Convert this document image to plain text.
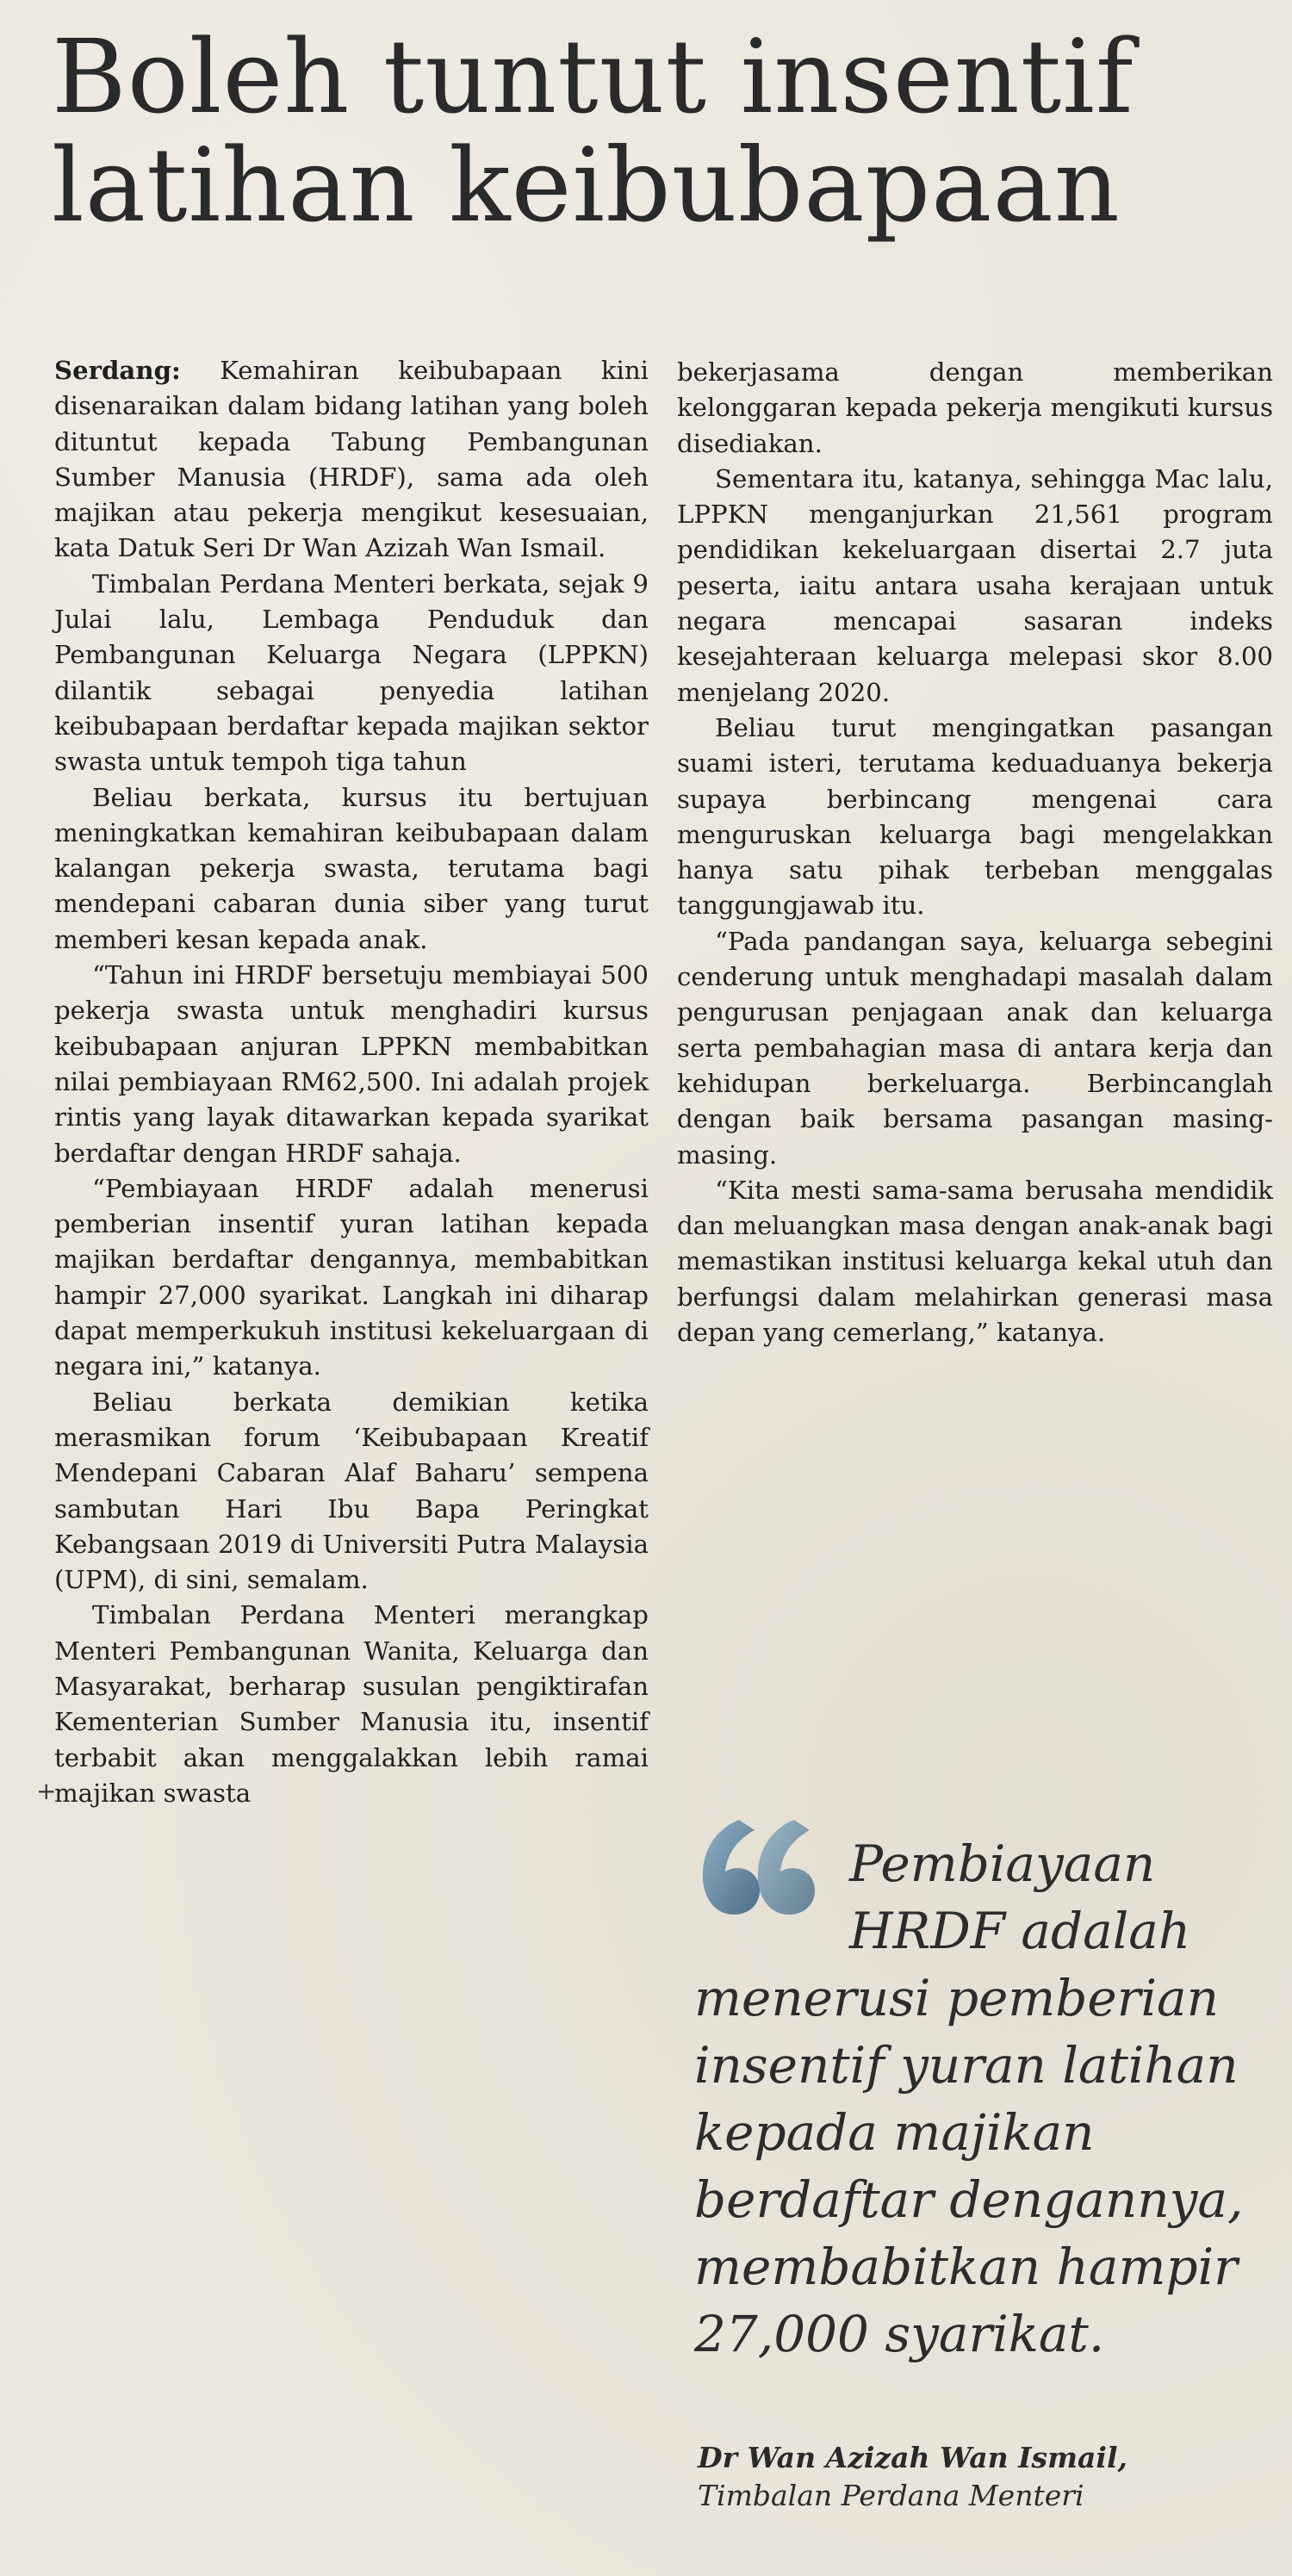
Boleh tuntut insentif
latihan keibubapaan

Serdang: Kemahiran keibubapaan kini disenaraikan dalam bidang latihan yang boleh dituntut kepada Tabung Pembangunan Sumber Manusia (HRDF), sama ada oleh majikan atau pekerja mengikut kesesuaian, kata Datuk Seri Dr Wan Azizah Wan Ismail.

Timbalan Perdana Menteri berkata, sejak 9 Julai lalu, Lembaga Penduduk dan Pembangunan Keluarga Negara (LPPKN) dilantik sebagai penyedia latihan keibubapaan berdaftar kepada majikan sektor swasta untuk tempoh tiga tahun

Beliau berkata, kursus itu bertujuan meningkatkan kemahiran keibubapaan dalam kalangan pekerja swasta, terutama bagi mendepani cabaran dunia siber yang turut memberi kesan kepada anak.

“Tahun ini HRDF bersetuju membiayai 500 pekerja swasta untuk menghadiri kursus keibubapaan anjuran LPPKN membabitkan nilai pembiayaan RM62,500. Ini adalah projek rintis yang layak ditawarkan kepada syarikat berdaftar dengan HRDF sahaja.

“Pembiayaan HRDF adalah menerusi pemberian insentif yuran latihan kepada majikan berdaftar dengannya, membabitkan hampir 27,000 syarikat. Langkah ini diharap dapat memperkukuh institusi kekeluargaan di negara ini,” katanya.

Beliau berkata demikian ketika merasmikan forum ‘Keibubapaan Kreatif Mendepani Cabaran Alaf Baharu’ sempena sambutan Hari Ibu Bapa Peringkat Kebangsaan 2019 di Universiti Putra Malaysia (UPM), di sini, semalam.

Timbalan Perdana Menteri merangkap Menteri Pembangunan Wanita, Keluarga dan Masyarakat, berharap susulan pengiktirafan Kementerian Sumber Manusia itu, insentif terbabit akan menggalakkan lebih ramai majikan swasta

bekerjasama dengan memberikan kelonggaran kepada pekerja mengikuti kursus disediakan.

Sementara itu, katanya, sehingga Mac lalu, LPPKN menganjurkan 21,561 program pendidikan kekeluargaan disertai 2.7 juta peserta, iaitu antara usaha kerajaan untuk negara mencapai sasaran indeks kesejahteraan keluarga melepasi skor 8.00 menjelang 2020.

Beliau turut mengingatkan pasangan suami isteri, terutama keduaduanya bekerja supaya berbincang mengenai cara menguruskan keluarga bagi mengelakkan hanya satu pihak terbeban menggalas tanggungjawab itu.

“Pada pandangan saya, keluarga sebegini cenderung untuk menghadapi masalah dalam pengurusan penjagaan anak dan keluarga serta pembahagian masa di antara kerja dan kehidupan berkeluarga. Berbincanglah dengan baik bersama pasangan masing-masing.

“Kita mesti sama-sama berusaha mendidik dan meluangkan masa dengan anak-anak bagi memastikan institusi keluarga kekal utuh dan berfungsi dalam melahirkan generasi masa depan yang cemerlang,” katanya.

+

Pembiayaan
HRDF adalah
menerusi pemberian insentif yuran latihan kepada majikan berdaftar dengannya, membabitkan hampir 27,000 syarikat.

Dr Wan Azizah Wan Ismail,
Timbalan Perdana Menteri
